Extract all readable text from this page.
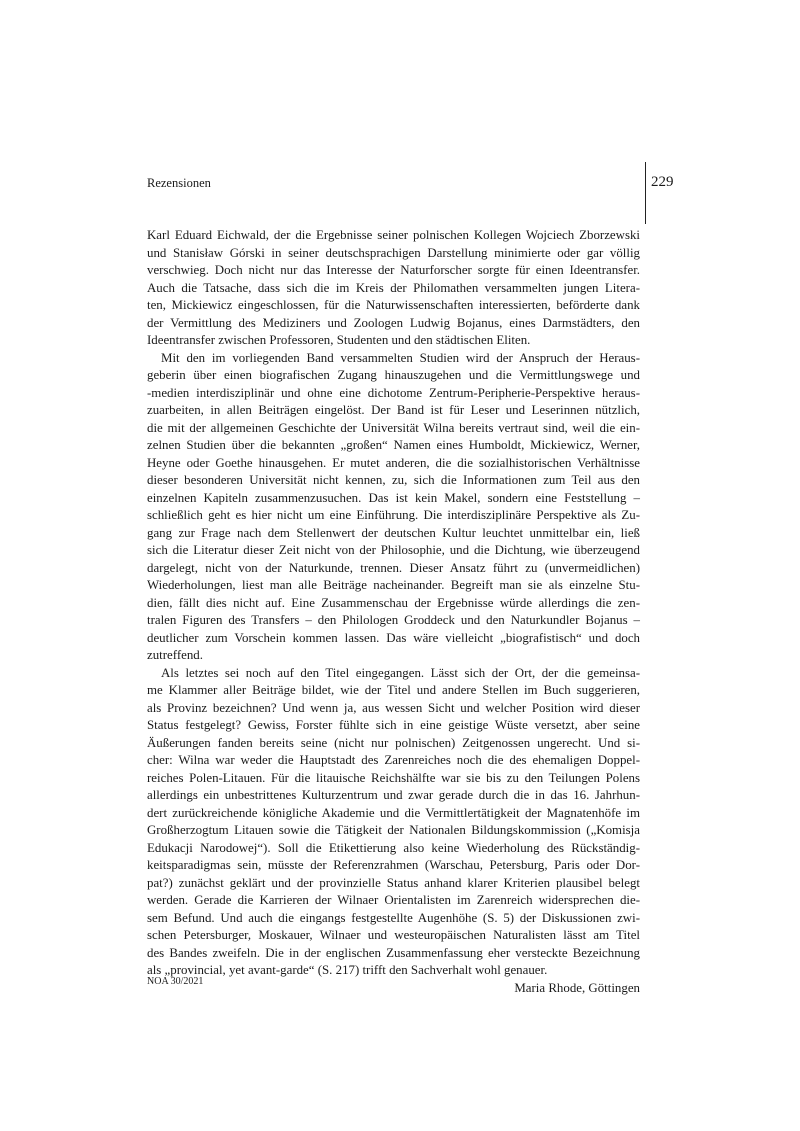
Rezensionen	229
Karl Eduard Eichwald, der die Ergebnisse seiner polnischen Kollegen Wojciech Zborzewski
und Stanisław Górski in seiner deutschsprachigen Darstellung minimierte oder gar völlig
verschwieg. Doch nicht nur das Interesse der Naturforscher sorgte für einen Ideentransfer.
Auch die Tatsache, dass sich die im Kreis der Philomathen versammelten jungen Litera-
ten, Mickiewicz eingeschlossen, für die Naturwissenschaften interessierten, beförderte dank
der Vermittlung des Mediziners und Zoologen Ludwig Bojanus, eines Darmstädters, den
Ideentransfer zwischen Professoren, Studenten und den städtischen Eliten.
Mit den im vorliegenden Band versammelten Studien wird der Anspruch der Heraus-
geberin über einen biografischen Zugang hinauszugehen und die Vermittlungswege und
-medien interdisziplinär und ohne eine dichotome Zentrum-Peripherie-Perspektive heraus-
zuarbeiten, in allen Beiträgen eingelöst. Der Band ist für Leser und Leserinnen nützlich,
die mit der allgemeinen Geschichte der Universität Wilna bereits vertraut sind, weil die ein-
zelnen Studien über die bekannten „großen“ Namen eines Humboldt, Mickiewicz, Werner,
Heyne oder Goethe hinausgehen. Er mutet anderen, die die sozialhistorischen Verhältnisse
dieser besonderen Universität nicht kennen, zu, sich die Informationen zum Teil aus den
einzelnen Kapiteln zusammenzusuchen. Das ist kein Makel, sondern eine Feststellung –
schließlich geht es hier nicht um eine Einführung. Die interdisziplinäre Perspektive als Zu-
gang zur Frage nach dem Stellenwert der deutschen Kultur leuchtet unmittelbar ein, ließ
sich die Literatur dieser Zeit nicht von der Philosophie, und die Dichtung, wie überzeugend
dargelegt, nicht von der Naturkunde, trennen. Dieser Ansatz führt zu (unvermeidlichen)
Wiederholungen, liest man alle Beiträge nacheinander. Begreift man sie als einzelne Stu-
dien, fällt dies nicht auf. Eine Zusammenschau der Ergebnisse würde allerdings die zen-
tralen Figuren des Transfers – den Philologen Groddeck und den Naturkundler Bojanus –
deutlicher zum Vorschein kommen lassen. Das wäre vielleicht „biografistisch“ und doch
zutreffend.
Als letztes sei noch auf den Titel eingegangen. Lässt sich der Ort, der die gemeinsa-
me Klammer aller Beiträge bildet, wie der Titel und andere Stellen im Buch suggerieren,
als Provinz bezeichnen? Und wenn ja, aus wessen Sicht und welcher Position wird dieser
Status festgelegt? Gewiss, Forster fühlte sich in eine geistige Wüste versetzt, aber seine
Äußerungen fanden bereits seine (nicht nur polnischen) Zeitgenossen ungerecht. Und si-
cher: Wilna war weder die Hauptstadt des Zarenreiches noch die des ehemaligen Doppel-
reiches Polen-Litauen. Für die litauische Reichshälfte war sie bis zu den Teilungen Polens
allerdings ein unbestrittenes Kulturzentrum und zwar gerade durch die in das 16. Jahrhun-
dert zurückreichende königliche Akademie und die Vermittlertätigkeit der Magnatenhöfe im
Großherzogtum Litauen sowie die Tätigkeit der Nationalen Bildungskommission („Komisja
Edukacji Narodowej“). Soll die Etikettierung also keine Wiederholung des Rückständig-
keitsparadigmas sein, müsste der Referenzrahmen (Warschau, Petersburg, Paris oder Dor-
pat?) zunächst geklärt und der provinzielle Status anhand klarer Kriterien plausibel belegt
werden. Gerade die Karrieren der Wilnaer Orientalisten im Zarenreich widersprechen die-
sem Befund. Und auch die eingangs festgestellte Augenhöhe (S. 5) der Diskussionen zwi-
schen Petersburger, Moskauer, Wilnaer und westeuropäischen Naturalisten lässt am Titel
des Bandes zweifeln. Die in der englischen Zusammenfassung eher versteckte Bezeichnung
als „provincial, yet avant-garde“ (S. 217) trifft den Sachverhalt wohl genauer.
Maria Rhode, Göttingen
NOA 30/2021
